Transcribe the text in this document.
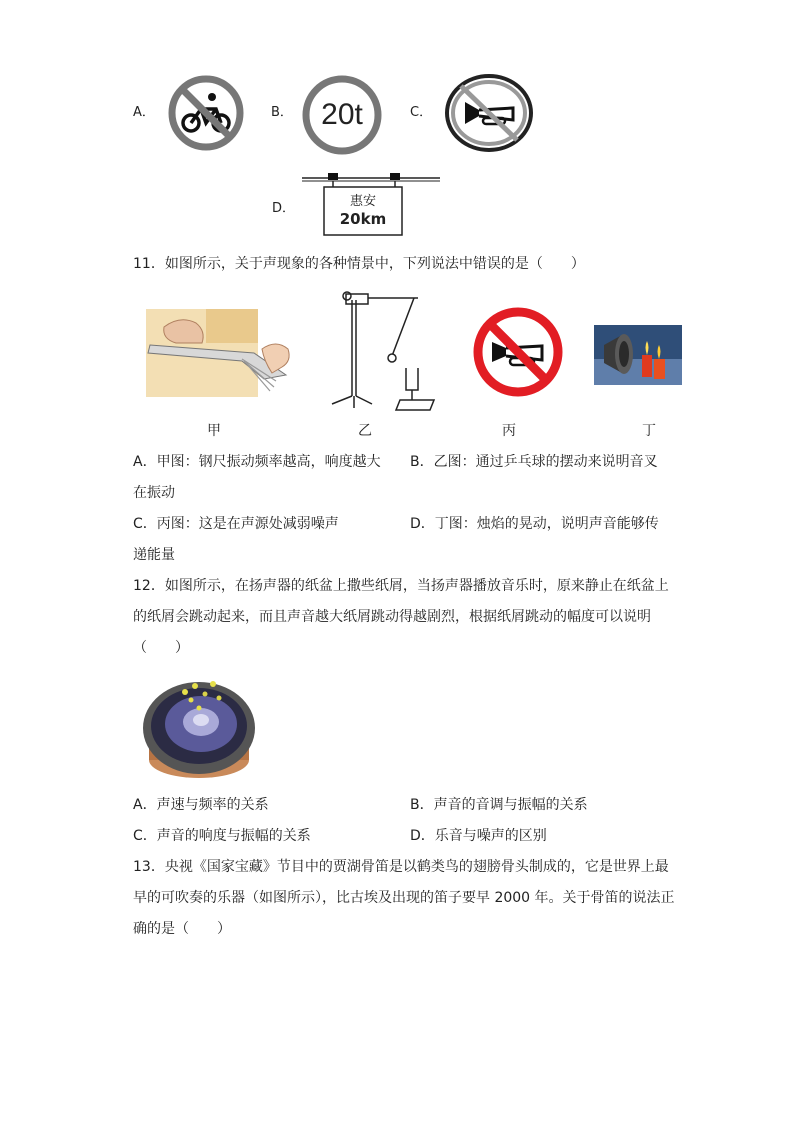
A．	B． 20t	C．
D．	惠安
20km
11．如图所示，关于声现象的各种情景中，下列说法中错误的是（　　）
甲	乙	丙	丁
A．甲图：钢尺振动频率越高，响度越大 B．乙图：通过乒乓球的摆动来说明音叉
在振动
C．丙图：这是在声源处减弱噪声	D．丁图：烛焰的晃动，说明声音能够传
递能量
12．如图所示，在扬声器的纸盆上撒些纸屑，当扬声器播放音乐时，原来静止在纸盆上
的纸屑会跳动起来，而且声音越大纸屑跳动得越剧烈，根据纸屑跳动的幅度可以说明
（　　）
A．声速与频率的关系	B．声音的音调与振幅的关系
C．声音的响度与振幅的关系	D．乐音与噪声的区别
13．央视《国家宝藏》节目中的贾湖骨笛是以鹤类鸟的翅膀骨头制成的，它是世界上最
早的可吹奏的乐器（如图所示），比古埃及出现的笛子要早 2000 年。关于骨笛的说法正
确的是（　　）
